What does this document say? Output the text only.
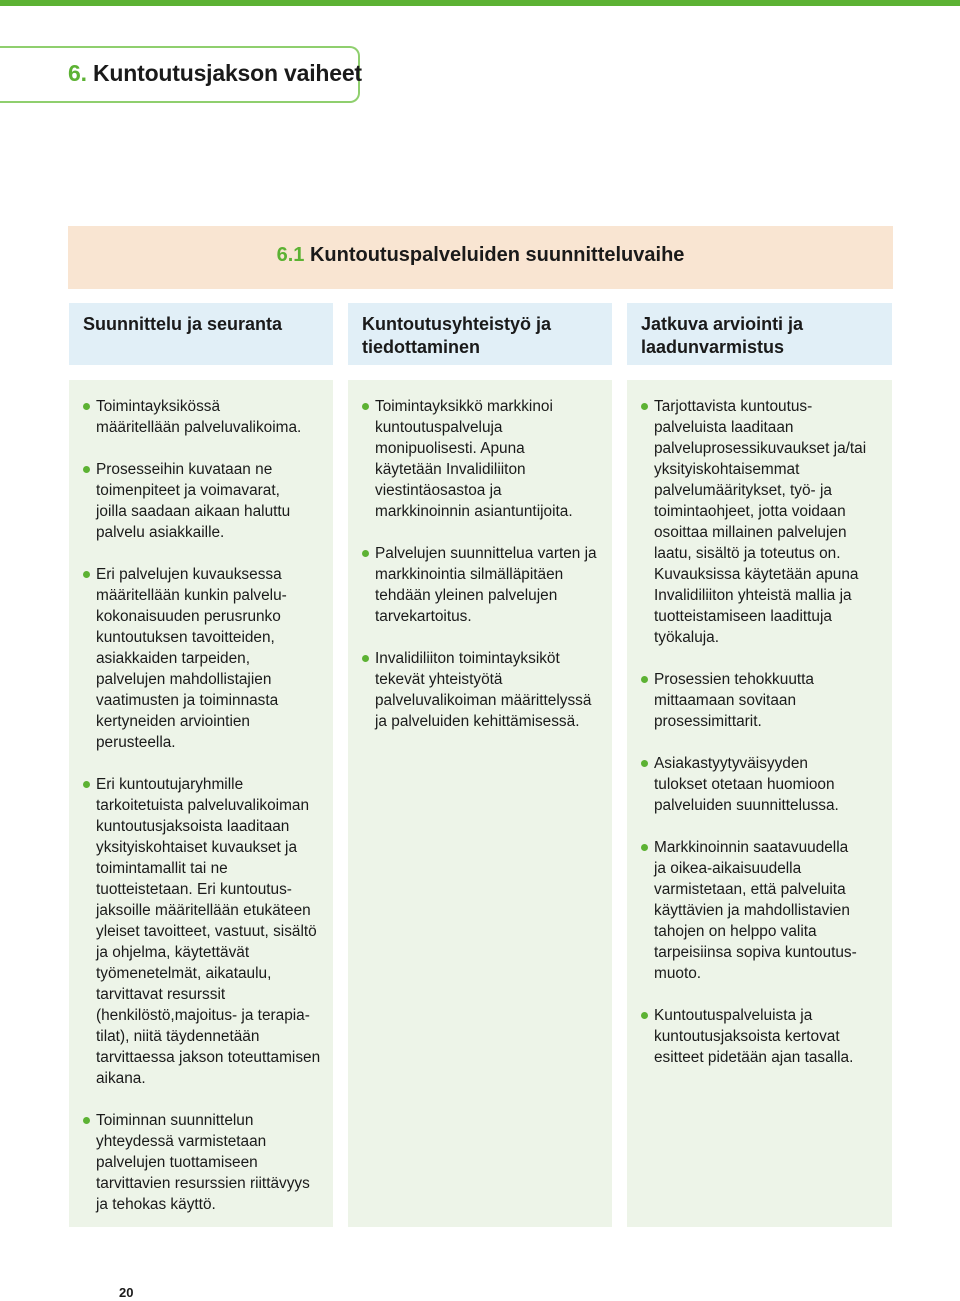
6. Kuntoutusjakson vaiheet
6.1 Kuntoutuspalveluiden suunnitteluvaihe
Suunnittelu ja seuranta	Kuntoutusyhteistyö ja
tiedottaminen
Jatkuva arviointi ja
laadunvarmistus
Toimintayksikössä
määritellään palveluvalikoima.
Prosesseihin kuvataan ne
toimenpiteet ja voimavarat,
joilla saadaan aikaan haluttu
palvelu asiakkaille.
Eri palvelujen kuvauksessa
määritellään kunkin palvelu-
kokonaisuuden perusrunko
kuntoutuksen tavoitteiden,
asiakkaiden tarpeiden,
palvelujen mahdollistajien
vaatimusten ja toiminnasta
kertyneiden arviointien
perusteella.
Eri kuntoutujaryhmille
tarkoitetuista palveluvalikoiman
kuntoutusjaksoista laaditaan
yksityiskohtaiset kuvaukset ja
toimintamallit tai ne
tuotteistetaan. Eri kuntoutus-
jaksoille määritellään etukäteen
yleiset tavoitteet, vastuut, sisältö
ja ohjelma, käytettävät
työmenetelmät, aikataulu,
tarvittavat resurssit
(henkilöstö,majoitus- ja terapia-
tilat), niitä täydennetään
tarvittaessa jakson toteuttamisen
aikana.
Toiminnan suunnittelun
yhteydessä varmistetaan
palvelujen tuottamiseen
tarvittavien resurssien riittävyys
ja tehokas käyttö.
Toimintayksikkö markkinoi
kuntoutuspalveluja
monipuolisesti. Apuna
käytetään Invalidiliiton
viestintäosastoa ja
markkinoinnin asiantuntijoita.
Palvelujen suunnittelua varten ja
markkinointia silmälläpitäen
tehdään yleinen palvelujen
tarvekartoitus.
Invalidiliiton toimintayksiköt
tekevät yhteistyötä
palveluvalikoiman määrittelyssä
ja palveluiden kehittämisessä.
Tarjottavista kuntoutus-
palveluista laaditaan
palveluprosessikuvaukset ja/tai
yksityiskohtaisemmat
palvelumääritykset, työ- ja
toimintaohjeet, jotta voidaan
osoittaa millainen palvelujen
laatu, sisältö ja toteutus on.
Kuvauksissa käytetään apuna
Invalidiliiton yhteistä mallia ja
tuotteistamiseen laadittuja
työkaluja.
Prosessien tehokkuutta
mittaamaan sovitaan
prosessimittarit.
Asiakastyytyväisyyden
tulokset otetaan huomioon
palveluiden suunnittelussa.
Markkinoinnin saatavuudella
ja oikea-aikaisuudella
varmistetaan, että palveluita
käyttävien ja mahdollistavien
tahojen on helppo valita
tarpeisiinsa sopiva kuntoutus-
muoto.
Kuntoutuspalveluista ja
kuntoutusjaksoista kertovat
esitteet pidetään ajan tasalla.
20
